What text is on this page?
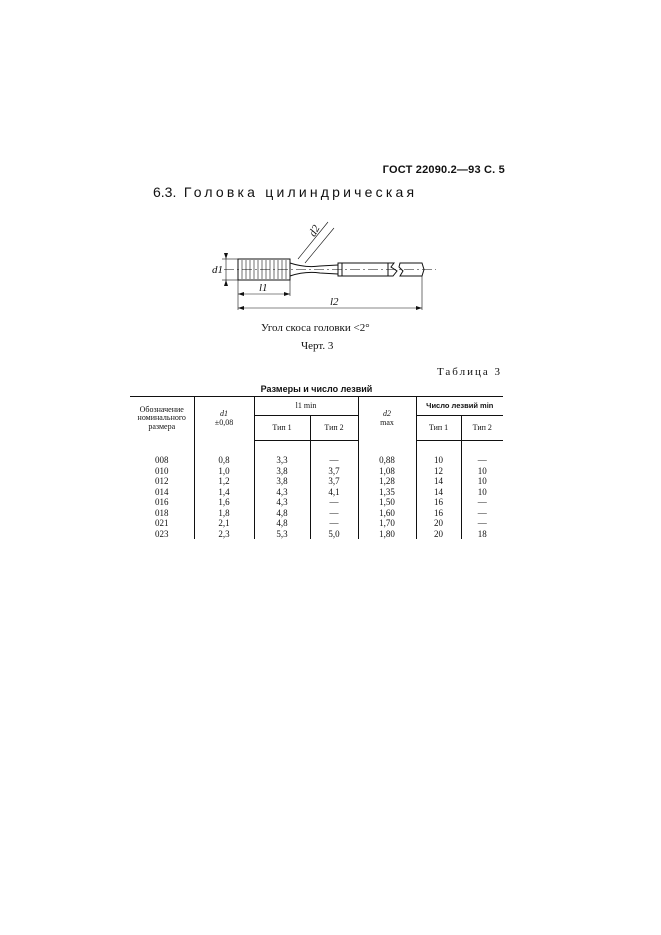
ГОСТ 22090.2—93 С. 5
6.3. Головка цилиндрическая
d1
d2
l1
l2
Угол скоса головки <2°
Черт. 3
Таблица 3
Размеры и число лезвий
Обозначение
номинального
размера	d1
±0,08	l1 min		d2
max	Число лезвий min	
		Тип 1	Тип 2		Тип 1	Тип 2
008	0,8	3,3	—	0,88	10	—
010	1,0	3,8	3,7	1,08	12	10
012	1,2	3,8	3,7	1,28	14	10
014	1,4	4,3	4,1	1,35	14	10
016	1,6	4,3	—	1,50	16	—
018	1,8	4,8	—	1,60	16	—
021	2,1	4,8	—	1,70	20	—
023	2,3	5,3	5,0	1,80	20	18
